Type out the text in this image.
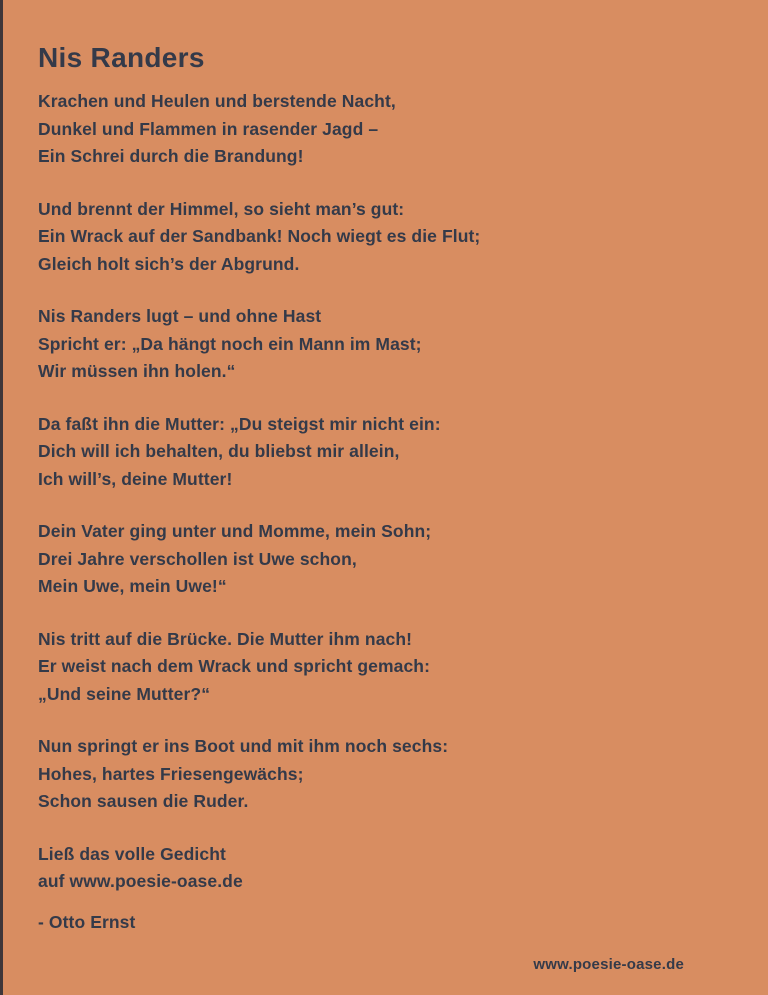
Nis Randers
Krachen und Heulen und berstende Nacht,
Dunkel und Flammen in rasender Jagd –
Ein Schrei durch die Brandung!
Und brennt der Himmel, so sieht man’s gut:
Ein Wrack auf der Sandbank! Noch wiegt es die Flut;
Gleich holt sich’s der Abgrund.
Nis Randers lugt – und ohne Hast
Spricht er: „Da hängt noch ein Mann im Mast;
Wir müssen ihn holen.“
Da faßt ihn die Mutter: „Du steigst mir nicht ein:
Dich will ich behalten, du bliebst mir allein,
Ich will’s, deine Mutter!
Dein Vater ging unter und Momme, mein Sohn;
Drei Jahre verschollen ist Uwe schon,
Mein Uwe, mein Uwe!“
Nis tritt auf die Brücke. Die Mutter ihm nach!
Er weist nach dem Wrack und spricht gemach:
„Und seine Mutter?“
Nun springt er ins Boot und mit ihm noch sechs:
Hohes, hartes Friesengewächs;
Schon sausen die Ruder.
Ließ das volle Gedicht
auf www.poesie-oase.de
- Otto Ernst
www.poesie-oase.de
